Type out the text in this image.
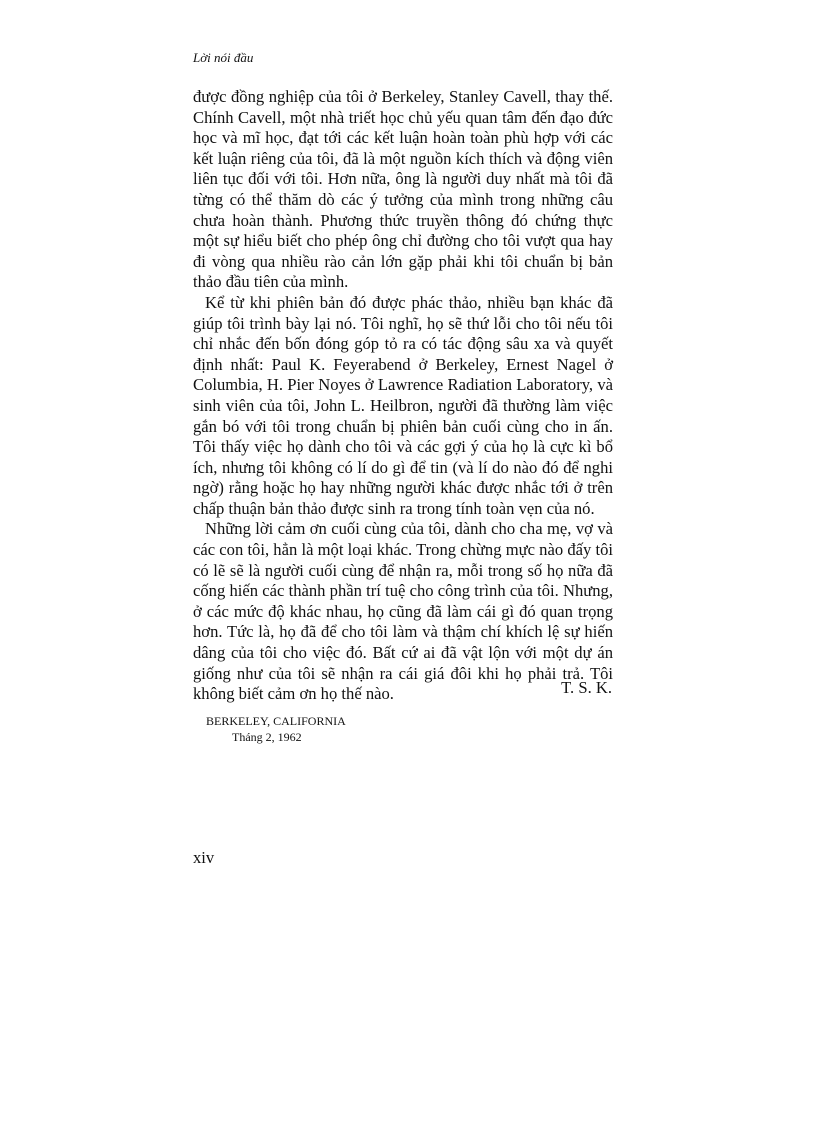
Lời nói đầu

được đồng nghiệp của tôi ở Berkeley, Stanley Cavell, thay thế. Chính Cavell, một nhà triết học chủ yếu quan tâm đến đạo đức học và mĩ học, đạt tới các kết luận hoàn toàn phù hợp với các kết luận riêng của tôi, đã là một nguồn kích thích và động viên liên tục đối với tôi. Hơn nữa, ông là người duy nhất mà tôi đã từng có thể thăm dò các ý tưởng của mình trong những câu chưa hoàn thành. Phương thức truyền thông đó chứng thực một sự hiểu biết cho phép ông chỉ đường cho tôi vượt qua hay đi vòng qua nhiều rào cản lớn gặp phải khi tôi chuẩn bị bản thảo đầu tiên của mình.

Kể từ khi phiên bản đó được phác thảo, nhiều bạn khác đã giúp tôi trình bày lại nó. Tôi nghĩ, họ sẽ thứ lỗi cho tôi nếu tôi chỉ nhắc đến bốn đóng góp tỏ ra có tác động sâu xa và quyết định nhất: Paul K. Feyerabend ở Berkeley, Ernest Nagel ở Columbia, H. Pier Noyes ở Lawrence Radiation Laboratory, và sinh viên của tôi, John L. Heilbron, người đã thường làm việc gắn bó với tôi trong chuẩn bị phiên bản cuối cùng cho in ấn. Tôi thấy việc họ dành cho tôi và các gợi ý của họ là cực kì bổ ích, nhưng tôi không có lí do gì để tin (và lí do nào đó để nghi ngờ) rằng hoặc họ hay những người khác được nhắc tới ở trên chấp thuận bản thảo được sinh ra trong tính toàn vẹn của nó.

Những lời cảm ơn cuối cùng của tôi, dành cho cha mẹ, vợ và các con tôi, hẳn là một loại khác. Trong chừng mực nào đấy tôi có lẽ sẽ là người cuối cùng để nhận ra, mỗi trong số họ nữa đã cống hiến các thành phần trí tuệ cho công trình của tôi. Nhưng, ở các mức độ khác nhau, họ cũng đã làm cái gì đó quan trọng hơn. Tức là, họ đã để cho tôi làm và thậm chí khích lệ sự hiến dâng của tôi cho việc đó. Bất cứ ai đã vật lộn với một dự án giống như của tôi sẽ nhận ra cái giá đôi khi họ phải trả. Tôi không biết cảm ơn họ thế nào.	T. S. K.

BERKELEY, CALIFORNIA
Tháng 2, 1962

xiv
